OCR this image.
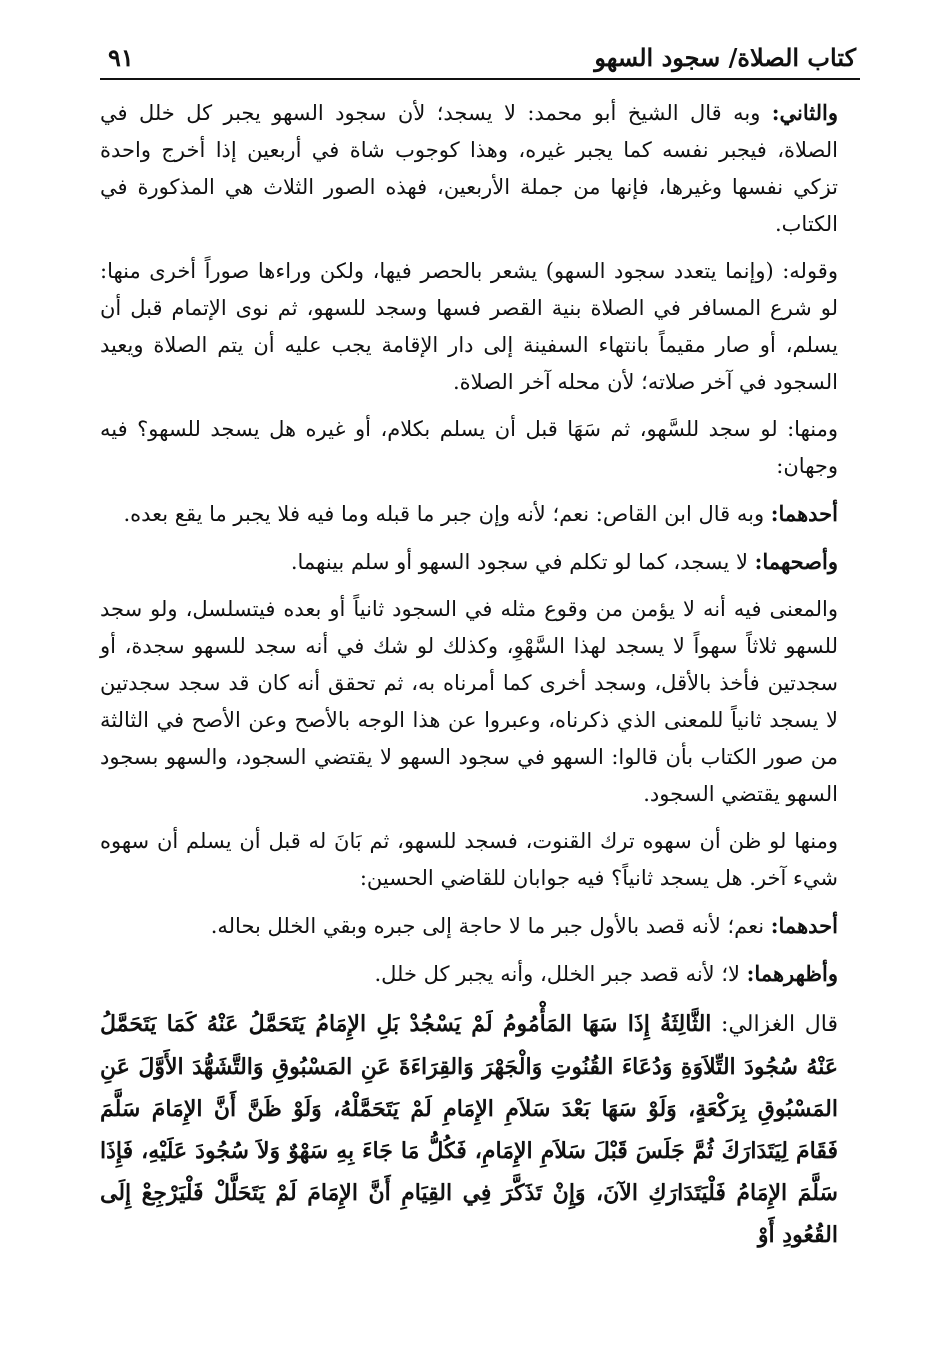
كتاب الصلاة/ سجود السهو
٩١

والثاني: وبه قال الشيخ أبو محمد: لا يسجد؛ لأن سجود السهو يجبر كل خلل في الصلاة، فيجبر نفسه كما يجبر غيره، وهذا كوجوب شاة في أربعين إذا أخرج واحدة تزكي نفسها وغيرها، فإنها من جملة الأربعين، فهذه الصور الثلاث هي المذكورة في الكتاب.

وقوله: (وإنما يتعدد سجود السهو) يشعر بالحصر فيها، ولكن وراءها صوراً أخرى منها: لو شرع المسافر في الصلاة بنية القصر فسها وسجد للسهو، ثم نوى الإتمام قبل أن يسلم، أو صار مقيماً بانتهاء السفينة إلى دار الإقامة يجب عليه أن يتم الصلاة ويعيد السجود في آخر صلاته؛ لأن محله آخر الصلاة.

ومنها: لو سجد للسَّهو، ثم سَهَا قبل أن يسلم بكلام، أو غيره هل يسجد للسهو؟ فيه وجهان:

أحدهما: وبه قال ابن القاص: نعم؛ لأنه وإن جبر ما قبله وما فيه فلا يجبر ما يقع بعده.

وأصحهما: لا يسجد، كما لو تكلم في سجود السهو أو سلم بينهما.

والمعنى فيه أنه لا يؤمن من وقوع مثله في السجود ثانياً أو بعده فيتسلسل، ولو سجد للسهو ثلاثاً سهواً لا يسجد لهذا السَّهْوِ، وكذلك لو شك في أنه سجد للسهو سجدة، أو سجدتين فأخذ بالأقل، وسجد أخرى كما أمرناه به، ثم تحقق أنه كان قد سجد سجدتين لا يسجد ثانياً للمعنى الذي ذكرناه، وعبروا عن هذا الوجه بالأصح وعن الأصح في الثالثة من صور الكتاب بأن قالوا: السهو في سجود السهو لا يقتضي السجود، والسهو بسجود السهو يقتضي السجود.

ومنها لو ظن أن سهوه ترك القنوت، فسجد للسهو، ثم بَانَ له قبل أن يسلم أن سهوه شيء آخر. هل يسجد ثانياً؟ فيه جوابان للقاضي الحسين:

أحدهما: نعم؛ لأنه قصد بالأول جبر ما لا حاجة إلى جبره وبقي الخلل بحاله.

وأظهرهما: لا؛ لأنه قصد جبر الخلل، وأنه يجبر كل خلل.

قال الغزالي: الثَّالِثَةُ إِذَا سَهَا المَأْمُومُ لَمْ يَسْجُدْ بَلِ الإِمَامُ يَتَحَمَّلُ عَنْهُ كَمَا يَتَحَمَّلُ عَنْهُ سُجُودَ التِّلاَوَةِ وَدُعَاءَ القُنُوتِ وَالْجَهْرَ وَالقِرَاءَةَ عَنِ المَسْبُوقِ وَالتَّشَهُّدَ الأَوَّلَ عَنِ المَسْبُوقِ بِرَكْعَةٍ، وَلَوْ سَهَا بَعْدَ سَلاَمِ الإِمَامِ لَمْ يَتَحَمَّلْهُ، وَلَوْ ظَنَّ أَنَّ الإِمَامَ سَلَّمَ فَقَامَ لِيَتَدَارَكَ ثُمَّ جَلَسَ قَبْلَ سَلاَمِ الإِمَامِ، فَكُلُّ مَا جَاءَ بِهِ سَهْوٌ وَلاَ سُجُودَ عَلَيْهِ، فَإِذَا سَلَّمَ الإِمَامُ فَلْيَتَدَارَكِ الآنَ، وَإِنْ تَذَكَّرَ فِي القِيَامِ أَنَّ الإِمَامَ لَمْ يَتَحَلَّلْ فَلْيَرْجِعْ إِلَى القُعُودِ أَوْ
